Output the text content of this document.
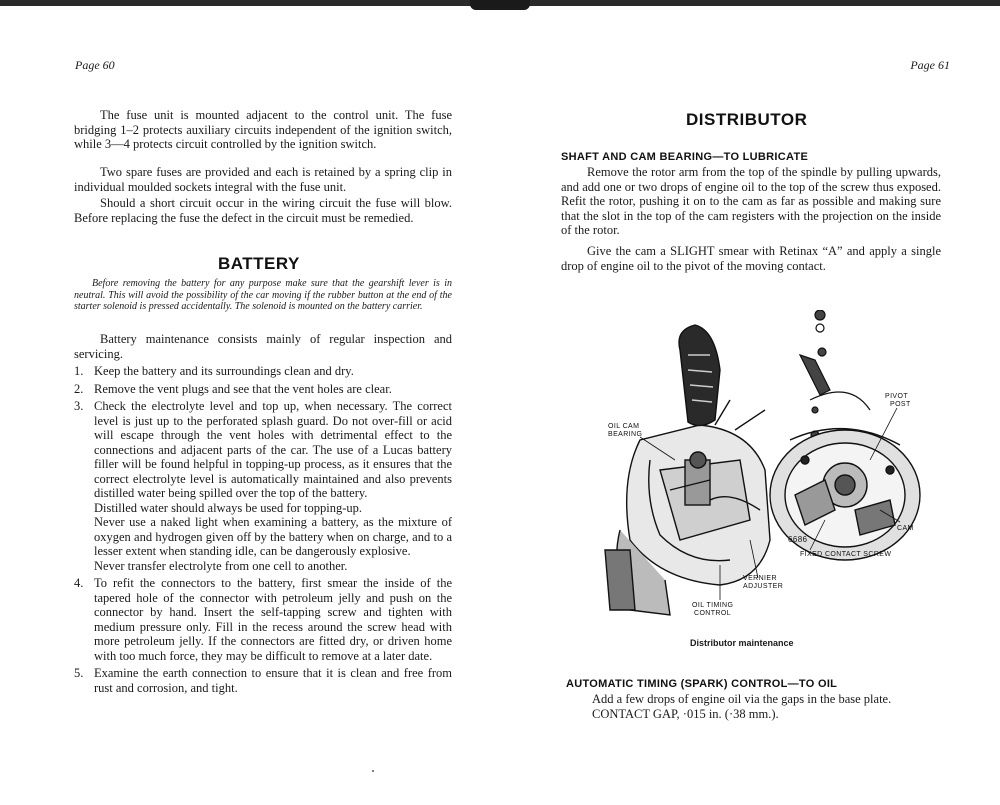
Page 60

The fuse unit is mounted adjacent to the control unit. The fuse bridging 1–2 protects auxiliary circuits independent of the ignition switch, while 3—4 protects circuit controlled by the ignition switch.

Two spare fuses are provided and each is retained by a spring clip in individual moulded sockets integral with the fuse unit.

Should a short circuit occur in the wiring circuit the fuse will blow. Before replacing the fuse the defect in the circuit must be remedied.

BATTERY

Before removing the battery for any purpose make sure that the gearshift lever is in neutral. This will avoid the possibility of the car moving if the rubber button at the end of the starter solenoid is pressed accidentally. The solenoid is mounted on the battery carrier.

Battery maintenance consists mainly of regular inspection and servicing.

1. Keep the battery and its surroundings clean and dry.
2. Remove the vent plugs and see that the vent holes are clear.
3. Check the electrolyte level and top up, when necessary. The correct level is just up to the perforated splash guard. Do not over-fill or acid will escape through the vent holes with detrimental effect to the connections and adjacent parts of the car. The use of a Lucas battery filler will be found helpful in topping-up process, as it ensures that the correct electrolyte level is automatically maintained and also prevents distilled water being spilled over the top of the battery.
Distilled water should always be used for topping-up.
Never use a naked light when examining a battery, as the mixture of oxygen and hydrogen given off by the battery when on charge, and to a lesser extent when standing idle, can be dangerously explosive.
Never transfer electrolyte from one cell to another.
4. To refit the connectors to the battery, first smear the inside of the tapered hole of the connector with petroleum jelly and push on the connector by hand. Insert the self-tapping screw and tighten with medium pressure only. Fill in the recess around the screw head with more petroleum jelly. If the connectors are fitted dry, or driven home with too much force, they may be difficult to remove at a later date.
5. Examine the earth connection to ensure that it is clean and free from rust and corrosion, and tight.
Page 61
DISTRIBUTOR
SHAFT AND CAM BEARING—TO LUBRICATE

Remove the rotor arm from the top of the spindle by pulling upwards, and add one or two drops of engine oil to the top of the screw thus exposed. Refit the rotor, pushing it on to the cam as far as possible and making sure that the slot in the top of the cam registers with the projection on the inside of the rotor.

Give the cam a SLIGHT smear with Retinax “A” and apply a single drop of engine oil to the pivot of the moving contact.

OIL CAM
BEARING
PIVOT
POST
CAM
6686
FIXED CONTACT SCREW
VERNIER
ADJUSTER
OIL TIMING
CONTROL
Distributor maintenance
AUTOMATIC TIMING (SPARK) CONTROL—TO OIL

Add a few drops of engine oil via the gaps in the base plate.

CONTACT GAP, ·015 in. (·38 mm.).
